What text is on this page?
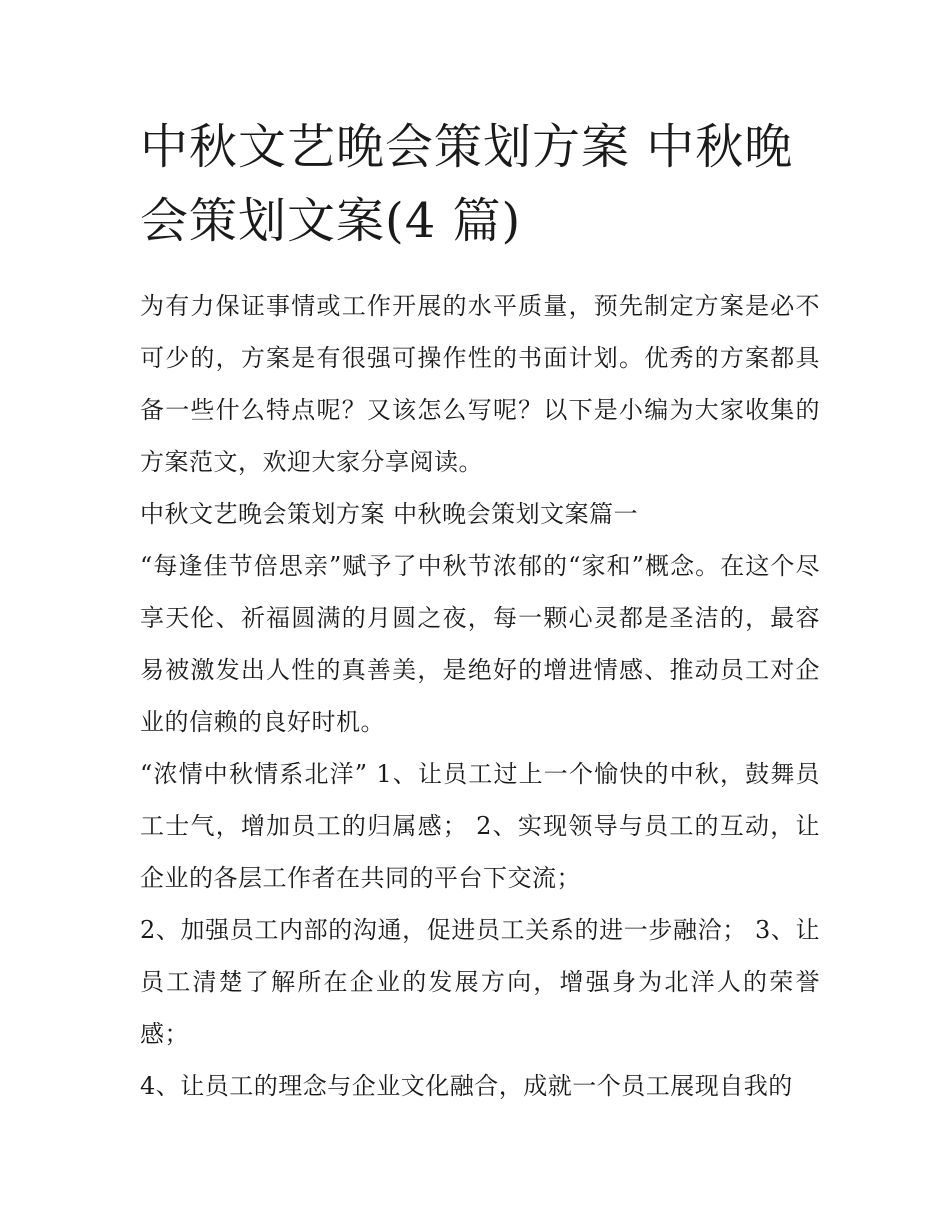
中秋文艺晚会策划方案 中秋晚会策划文案(4 篇)

为有力保证事情或工作开展的水平质量，预先制定方案是必不可少的，方案是有很强可操作性的书面计划。优秀的方案都具备一些什么特点呢？又该怎么写呢？以下是小编为大家收集的方案范文，欢迎大家分享阅读。

中秋文艺晚会策划方案 中秋晚会策划文案篇一

“每逢佳节倍思亲”赋予了中秋节浓郁的“家和”概念。在这个尽享天伦、祈福圆满的月圆之夜，每一颗心灵都是圣洁的，最容易被激发出人性的真善美，是绝好的增进情感、推动员工对企业的信赖的良好时机。

“浓情中秋情系北洋” 1、让员工过上一个愉快的中秋，鼓舞员工士气，增加员工的归属感； 2、实现领导与员工的互动，让企业的各层工作者在共同的平台下交流；

2、加强员工内部的沟通，促进员工关系的进一步融洽； 3、让员工清楚了解所在企业的发展方向，增强身为北洋人的荣誉感；

4、让员工的理念与企业文化融合，成就一个员工展现自我的
